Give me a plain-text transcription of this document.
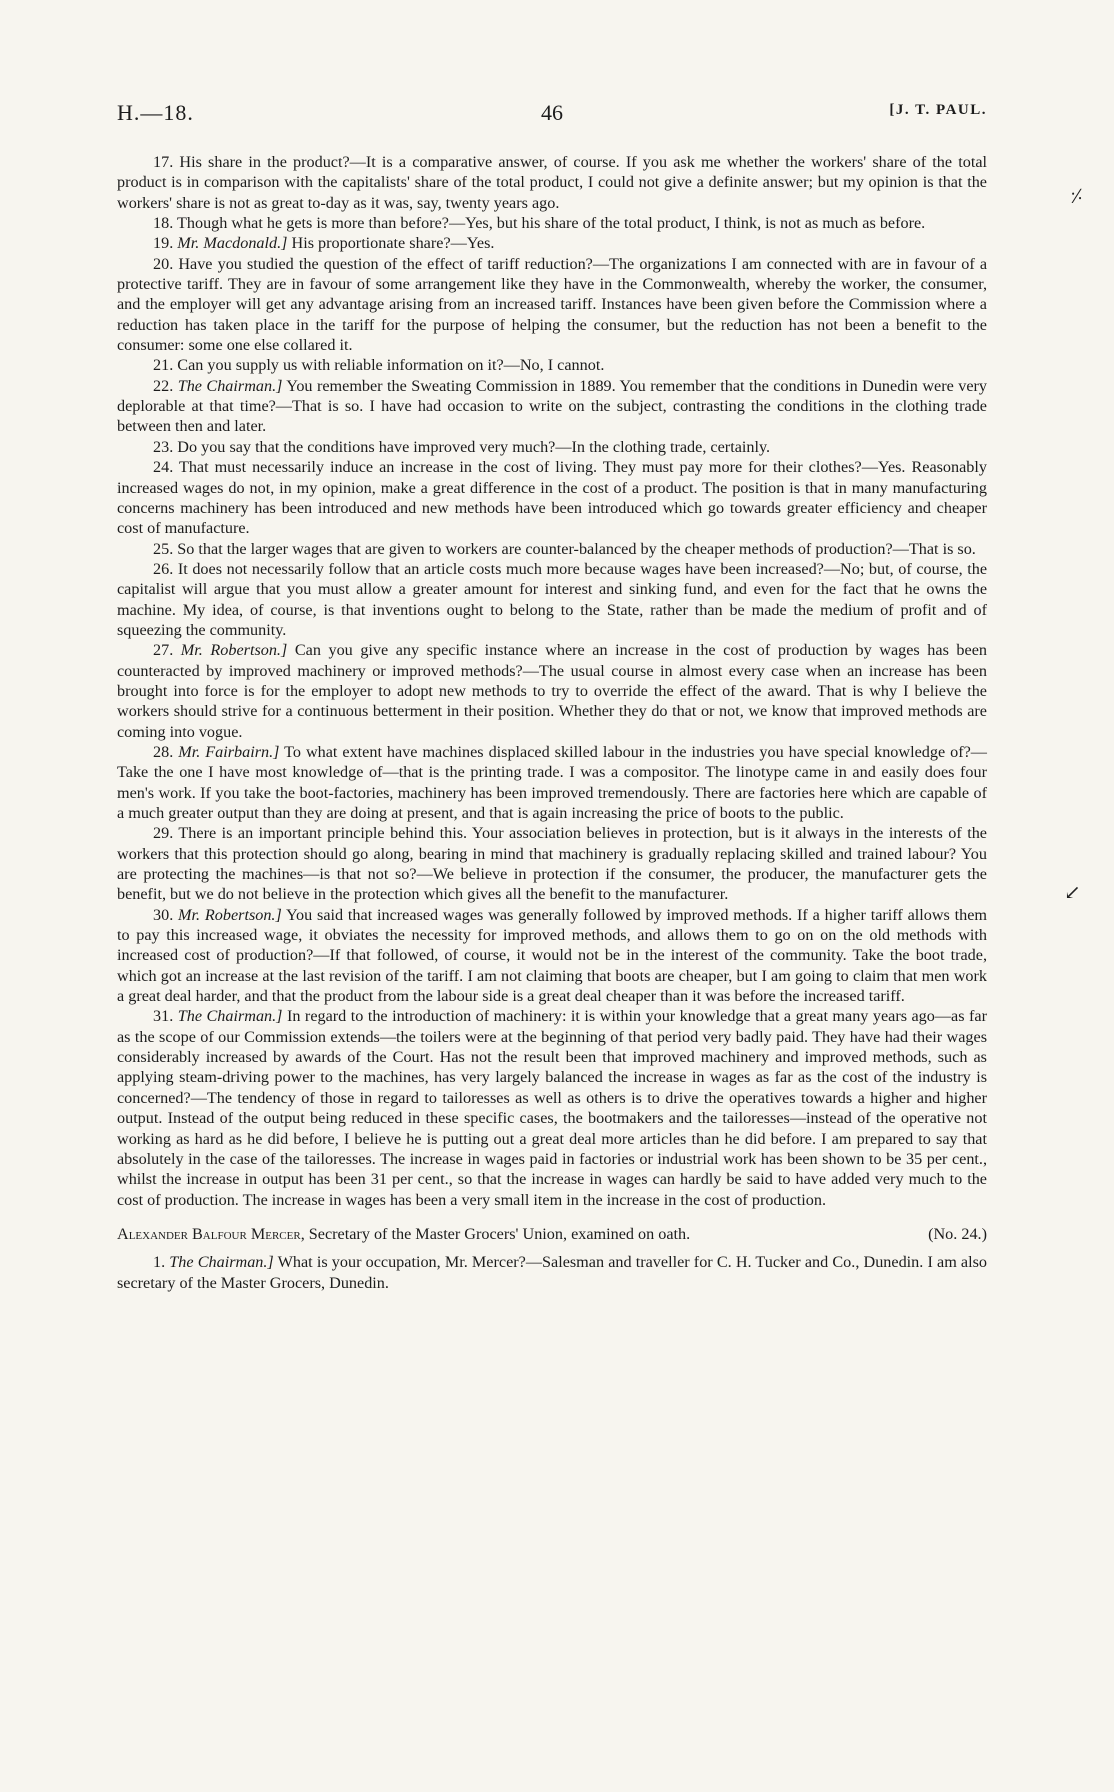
H.—18.	46	[J. T. PAUL.

17. His share in the product?—It is a comparative answer, of course. If you ask me whether the workers' share of the total product is in comparison with the capitalists' share of the total product, I could not give a definite answer; but my opinion is that the workers' share is not as great to-day as it was, say, twenty years ago.

18. Though what he gets is more than before?—Yes, but his share of the total product, I think, is not as much as before.

19. Mr. Macdonald.] His proportionate share?—Yes.

20. Have you studied the question of the effect of tariff reduction?—The organizations I am connected with are in favour of a protective tariff. They are in favour of some arrangement like they have in the Commonwealth, whereby the worker, the consumer, and the employer will get any advantage arising from an increased tariff. Instances have been given before the Commission where a reduction has taken place in the tariff for the purpose of helping the consumer, but the reduction has not been a benefit to the consumer: some one else collared it.

21. Can you supply us with reliable information on it?—No, I cannot.

22. The Chairman.] You remember the Sweating Commission in 1889. You remember that the conditions in Dunedin were very deplorable at that time?—That is so. I have had occasion to write on the subject, contrasting the conditions in the clothing trade between then and later.

23. Do you say that the conditions have improved very much?—In the clothing trade, certainly.

24. That must necessarily induce an increase in the cost of living. They must pay more for their clothes?—Yes. Reasonably increased wages do not, in my opinion, make a great difference in the cost of a product. The position is that in many manufacturing concerns machinery has been introduced and new methods have been introduced which go towards greater efficiency and cheaper cost of manufacture.

25. So that the larger wages that are given to workers are counter-balanced by the cheaper methods of production?—That is so.

26. It does not necessarily follow that an article costs much more because wages have been increased?—No; but, of course, the capitalist will argue that you must allow a greater amount for interest and sinking fund, and even for the fact that he owns the machine. My idea, of course, is that inventions ought to belong to the State, rather than be made the medium of profit and of squeezing the community.

27. Mr. Robertson.] Can you give any specific instance where an increase in the cost of production by wages has been counteracted by improved machinery or improved methods?—The usual course in almost every case when an increase has been brought into force is for the employer to adopt new methods to try to override the effect of the award. That is why I believe the workers should strive for a continuous betterment in their position. Whether they do that or not, we know that improved methods are coming into vogue.

28. Mr. Fairbairn.] To what extent have machines displaced skilled labour in the industries you have special knowledge of?—Take the one I have most knowledge of—that is the printing trade. I was a compositor. The linotype came in and easily does four men's work. If you take the boot-factories, machinery has been improved tremendously. There are factories here which are capable of a much greater output than they are doing at present, and that is again increasing the price of boots to the public.

29. There is an important principle behind this. Your association believes in protection, but is it always in the interests of the workers that this protection should go along, bearing in mind that machinery is gradually replacing skilled and trained labour? You are protecting the machines—is that not so?—We believe in protection if the consumer, the producer, the manufacturer gets the benefit, but we do not believe in the protection which gives all the benefit to the manufacturer.

30. Mr. Robertson.] You said that increased wages was generally followed by improved methods. If a higher tariff allows them to pay this increased wage, it obviates the necessity for improved methods, and allows them to go on on the old methods with increased cost of production?—If that followed, of course, it would not be in the interest of the community. Take the boot trade, which got an increase at the last revision of the tariff. I am not claiming that boots are cheaper, but I am going to claim that men work a great deal harder, and that the product from the labour side is a great deal cheaper than it was before the increased tariff.

31. The Chairman.] In regard to the introduction of machinery: it is within your knowledge that a great many years ago—as far as the scope of our Commission extends—the toilers were at the beginning of that period very badly paid. They have had their wages considerably increased by awards of the Court. Has not the result been that improved machinery and improved methods, such as applying steam-driving power to the machines, has very largely balanced the increase in wages as far as the cost of the industry is concerned?—The tendency of those in regard to tailoresses as well as others is to drive the operatives towards a higher and higher output. Instead of the output being reduced in these specific cases, the bootmakers and the tailoresses—instead of the operative not working as hard as he did before, I believe he is putting out a great deal more articles than he did before. I am prepared to say that absolutely in the case of the tailoresses. The increase in wages paid in factories or industrial work has been shown to be 35 per cent., whilst the increase in output has been 31 per cent., so that the increase in wages can hardly be said to have added very much to the cost of production. The increase in wages has been a very small item in the increase in the cost of production.

Alexander Balfour Mercer, Secretary of the Master Grocers' Union, examined on oath.	(No. 24.)

1. The Chairman.] What is your occupation, Mr. Mercer?—Salesman and traveller for C. H. Tucker and Co., Dunedin. I am also secretary of the Master Grocers, Dunedin.

⸓
↙
